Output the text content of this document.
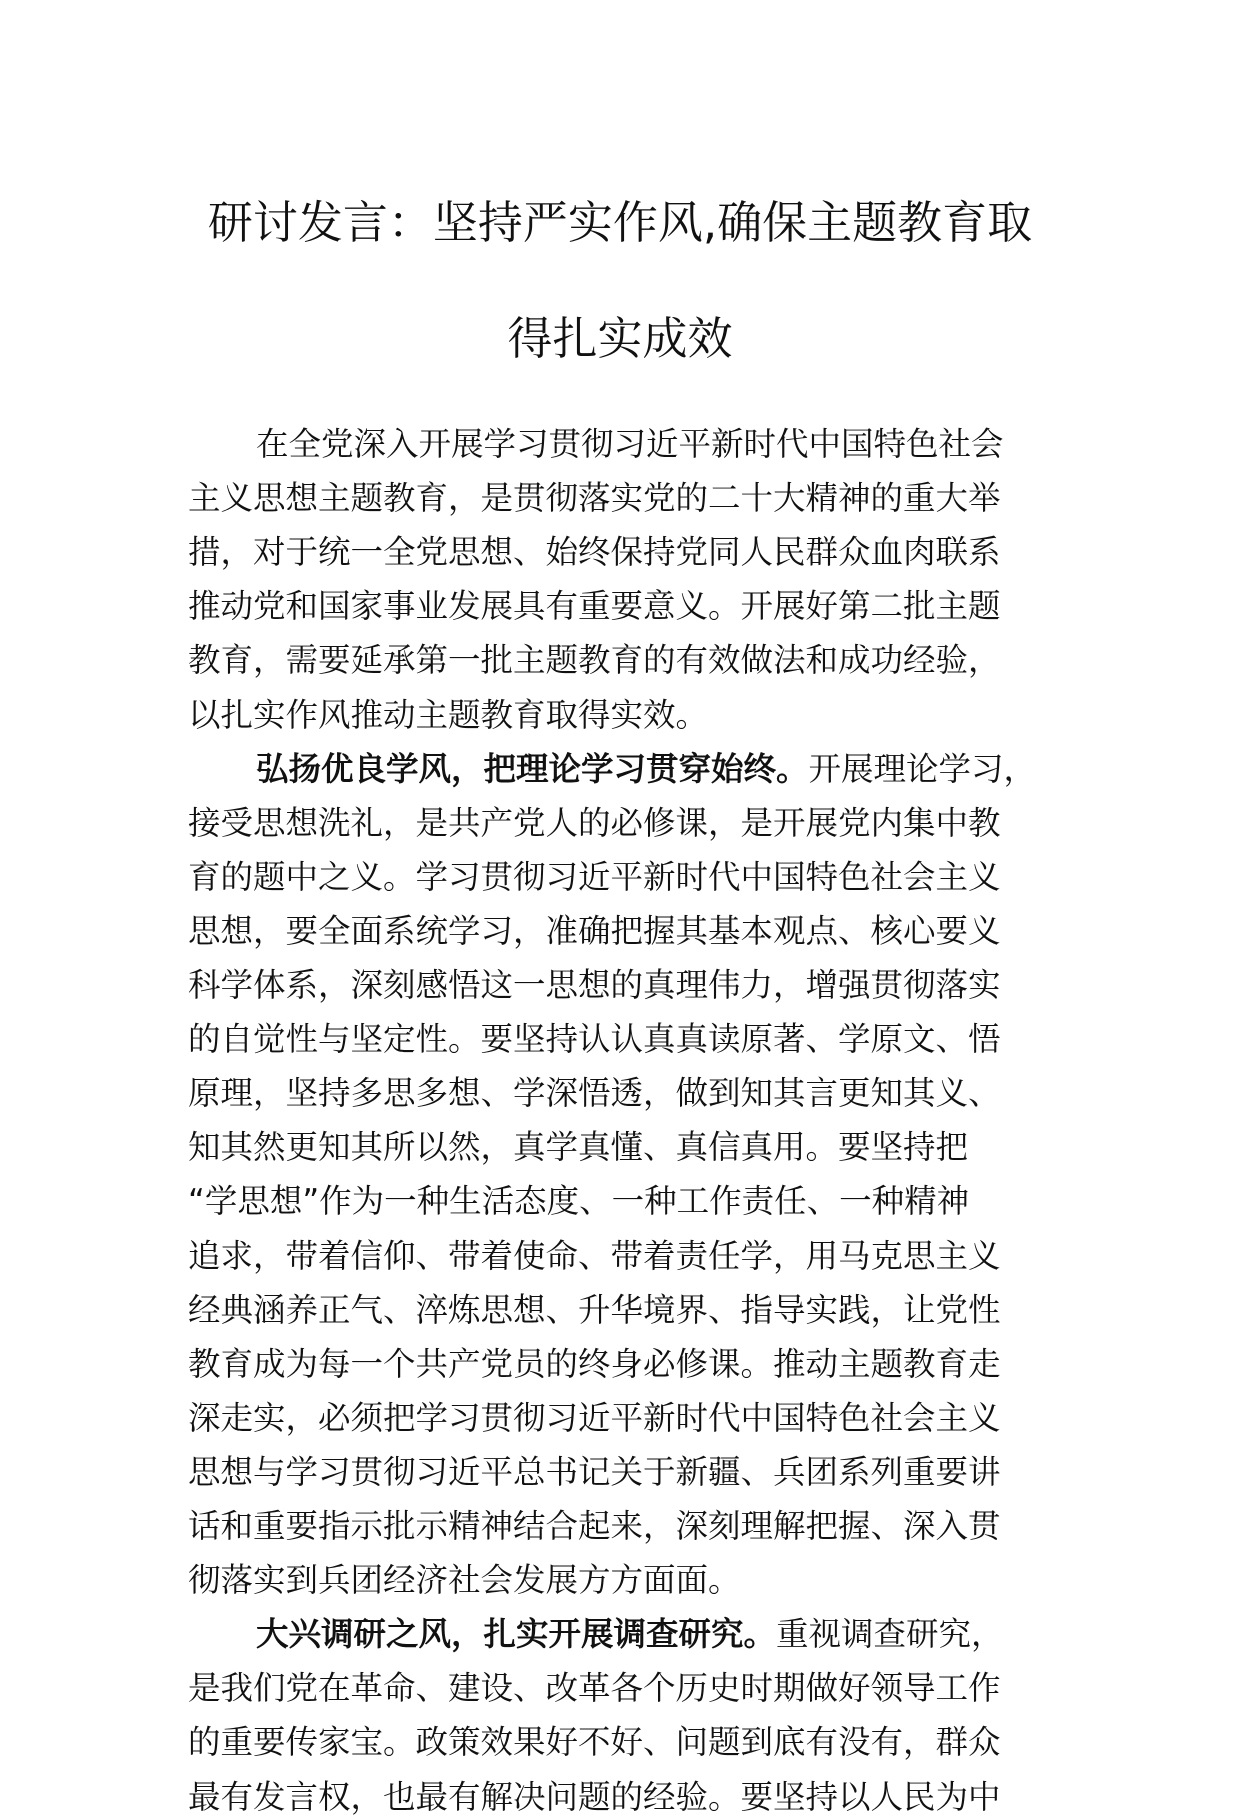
研讨发言：坚持严实作风,确保主题教育取
得扎实成效
在全党深入开展学习贯彻习近平新时代中国特色社会
主义思想主题教育，是贯彻落实党的二十大精神的重大举
措，对于统一全党思想、始终保持党同人民群众血肉联系
推动党和国家事业发展具有重要意义。开展好第二批主题
教育，需要延承第一批主题教育的有效做法和成功经验，
以扎实作风推动主题教育取得实效。
弘扬优良学风，把理论学习贯穿始终。开展理论学习，
接受思想洗礼，是共产党人的必修课，是开展党内集中教
育的题中之义。学习贯彻习近平新时代中国特色社会主义
思想，要全面系统学习，准确把握其基本观点、核心要义
科学体系，深刻感悟这一思想的真理伟力，增强贯彻落实
的自觉性与坚定性。要坚持认认真真读原著、学原文、悟
原理，坚持多思多想、学深悟透，做到知其言更知其义、
知其然更知其所以然，真学真懂、真信真用。要坚持把
“学思想”作为一种生活态度、一种工作责任、一种精神
追求，带着信仰、带着使命、带着责任学，用马克思主义
经典涵养正气、淬炼思想、升华境界、指导实践，让党性
教育成为每一个共产党员的终身必修课。推动主题教育走
深走实，必须把学习贯彻习近平新时代中国特色社会主义
思想与学习贯彻习近平总书记关于新疆、兵团系列重要讲
话和重要指示批示精神结合起来，深刻理解把握、深入贯
彻落实到兵团经济社会发展方方面面。
大兴调研之风，扎实开展调查研究。重视调查研究，
是我们党在革命、建设、改革各个历史时期做好领导工作
的重要传家宝。政策效果好不好、问题到底有没有，群众
最有发言权，也最有解决问题的经验。要坚持以人民为中
